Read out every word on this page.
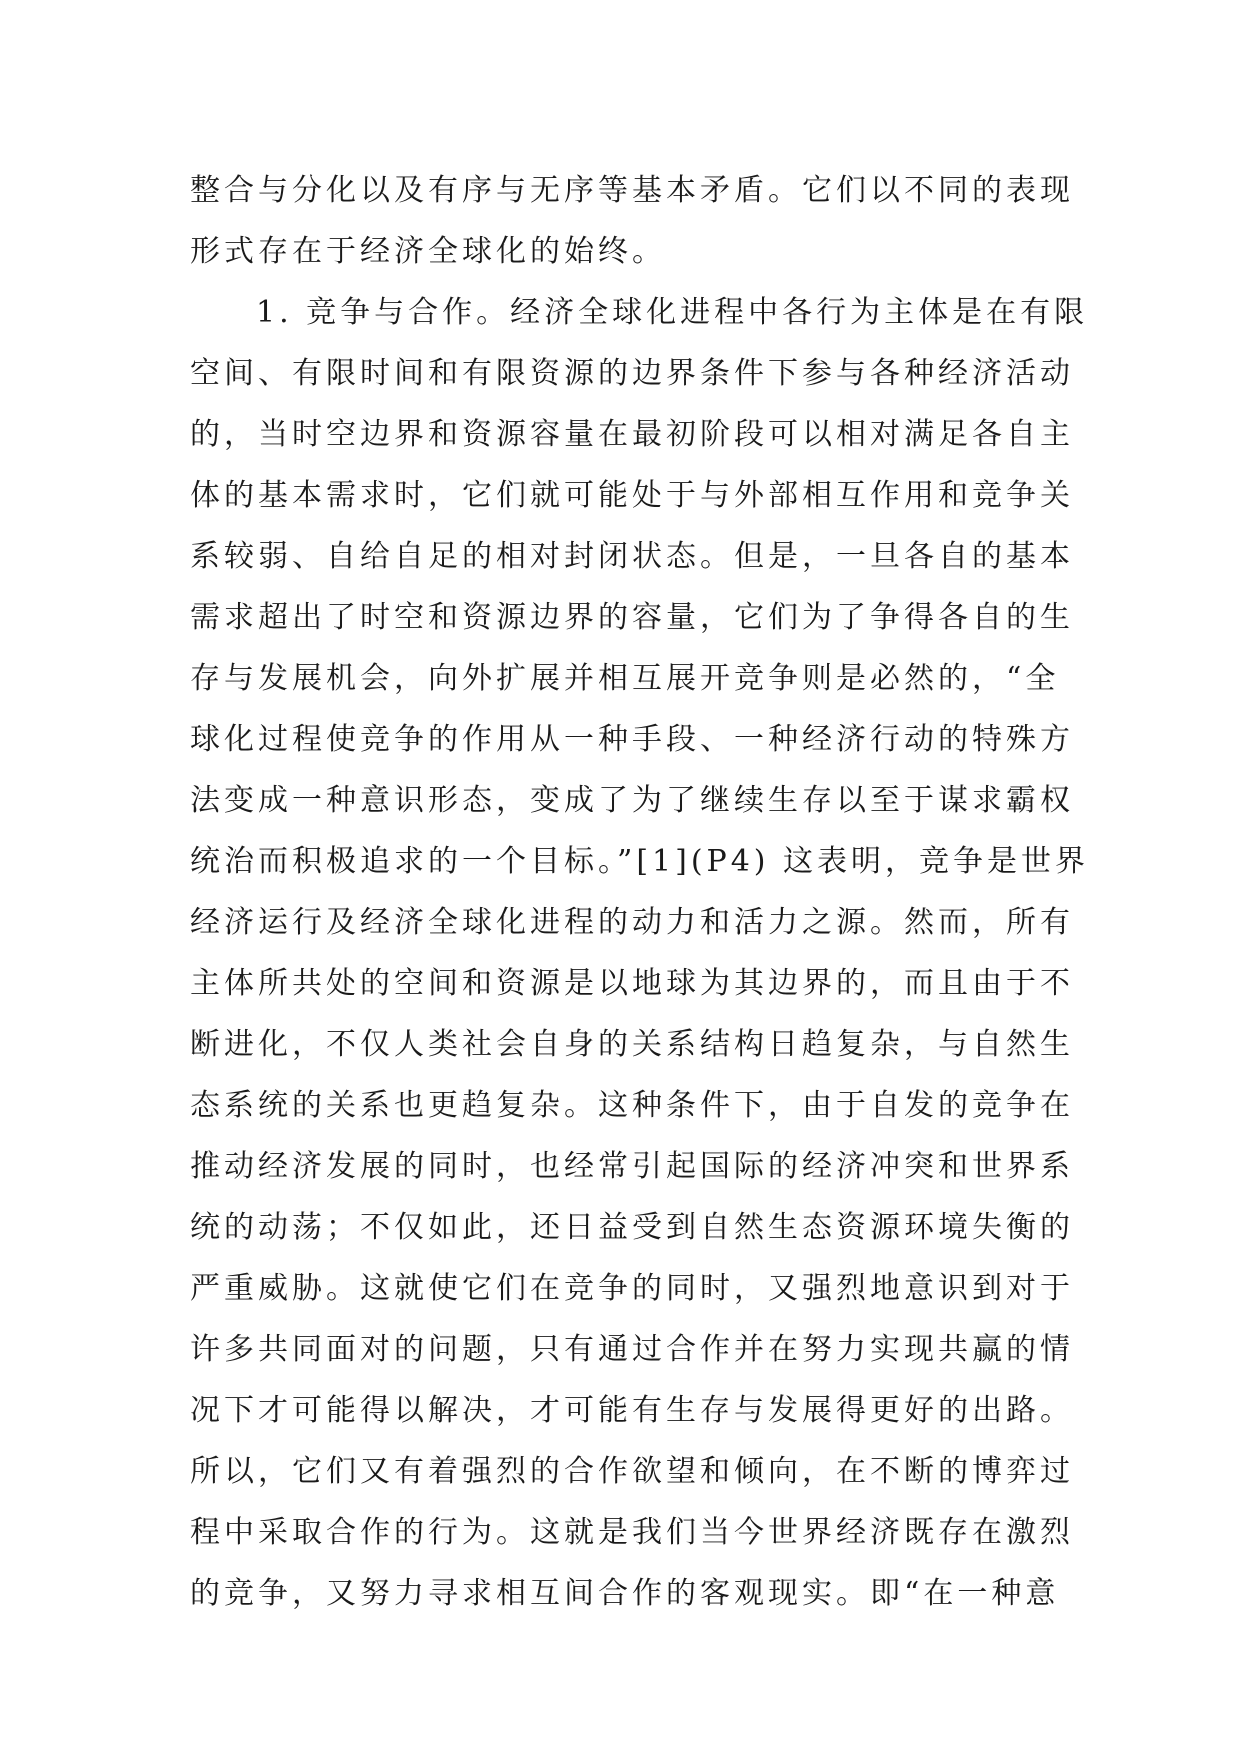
整合与分化以及有序与无序等基本矛盾。它们以不同的表现
形式存在于经济全球化的始终。
1. 竞争与合作。经济全球化进程中各行为主体是在有限
空间、有限时间和有限资源的边界条件下参与各种经济活动
的，当时空边界和资源容量在最初阶段可以相对满足各自主
体的基本需求时，它们就可能处于与外部相互作用和竞争关
系较弱、自给自足的相对封闭状态。但是，一旦各自的基本
需求超出了时空和资源边界的容量，它们为了争得各自的生
存与发展机会，向外扩展并相互展开竞争则是必然的，“全
球化过程使竞争的作用从一种手段、一种经济行动的特殊方
法变成一种意识形态，变成了为了继续生存以至于谋求霸权
统治而积极追求的一个目标。”[1](P4) 这表明，竞争是世界
经济运行及经济全球化进程的动力和活力之源。然而，所有
主体所共处的空间和资源是以地球为其边界的，而且由于不
断进化，不仅人类社会自身的关系结构日趋复杂，与自然生
态系统的关系也更趋复杂。这种条件下，由于自发的竞争在
推动经济发展的同时，也经常引起国际的经济冲突和世界系
统的动荡；不仅如此，还日益受到自然生态资源环境失衡的
严重威胁。这就使它们在竞争的同时，又强烈地意识到对于
许多共同面对的问题，只有通过合作并在努力实现共赢的情
况下才可能得以解决，才可能有生存与发展得更好的出路。
所以，它们又有着强烈的合作欲望和倾向，在不断的博弈过
程中采取合作的行为。这就是我们当今世界经济既存在激烈
的竞争，又努力寻求相互间合作的客观现实。即“在一种意
